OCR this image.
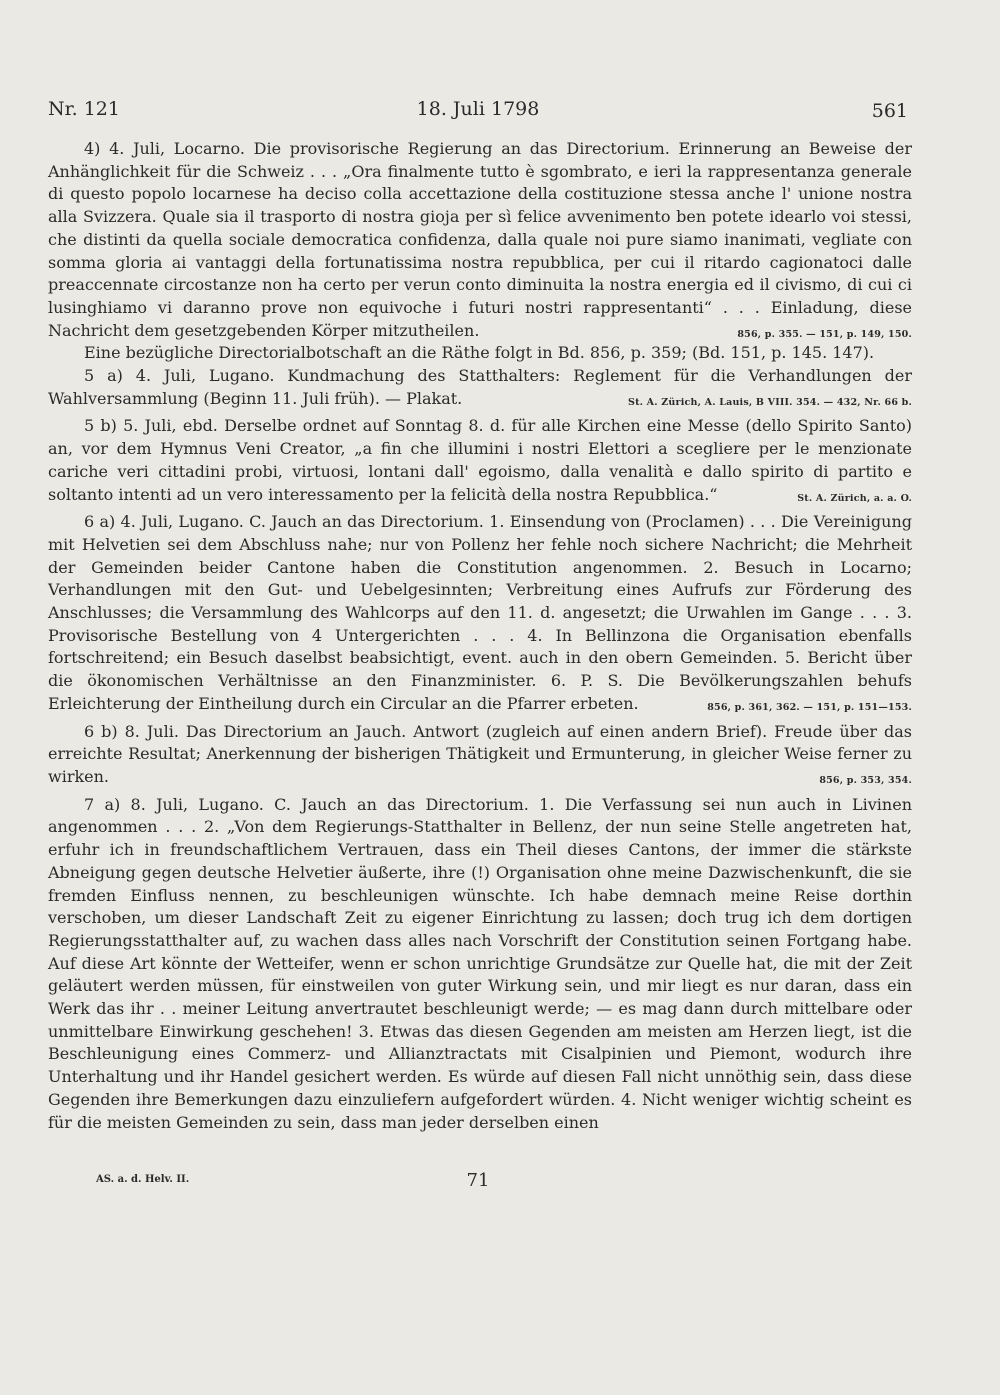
Nr. 121	18. Juli 1798	561

4) 4. Juli, Locarno. Die provisorische Regierung an das Directorium. Erinnerung an Beweise der Anhänglichkeit für die Schweiz . . . „Ora finalmente tutto è sgombrato, e ieri la rappresentanza generale di questo popolo locarnese ha deciso colla accettazione della costituzione stessa anche l' unione nostra alla Svizzera. Quale sia il trasporto di nostra gioja per sì felice avvenimento ben potete idearlo voi stessi, che distinti da quella sociale democratica confidenza, dalla quale noi pure siamo inanimati, vegliate con somma gloria ai vantaggi della fortunatissima nostra repubblica, per cui il ritardo cagionatoci dalle preaccennate circostanze non ha certo per verun conto diminuita la nostra energia ed il civismo, di cui ci lusinghiamo vi daranno prove non equivoche i futuri nostri rappresentanti“ . . . Einladung, diese Nachricht dem gesetzgebenden Körper mitzutheilen.	856, p. 355. — 151, p. 149, 150.

Eine bezügliche Directorialbotschaft an die Räthe folgt in Bd. 856, p. 359; (Bd. 151, p. 145. 147).

5 a) 4. Juli, Lugano. Kundmachung des Statthalters: Reglement für die Verhandlungen der Wahlversammlung (Beginn 11. Juli früh). — Plakat.	St. A. Zürich, A. Lauis, B VIII. 354. — 432, Nr. 66 b.

5 b) 5. Juli, ebd. Derselbe ordnet auf Sonntag 8. d. für alle Kirchen eine Messe (dello Spirito Santo) an, vor dem Hymnus Veni Creator, „a fin che illumini i nostri Elettori a scegliere per le menzionate cariche veri cittadini probi, virtuosi, lontani dall' egoismo, dalla venalità e dallo spirito di partito e soltanto intenti ad un vero interessamento per la felicità della nostra Repubblica.“	St. A. Zürich, a. a. O.

6 a) 4. Juli, Lugano. C. Jauch an das Directorium. 1. Einsendung von (Proclamen) . . . Die Vereinigung mit Helvetien sei dem Abschluss nahe; nur von Pollenz her fehle noch sichere Nachricht; die Mehrheit der Gemeinden beider Cantone haben die Constitution angenommen. 2. Besuch in Locarno; Verhandlungen mit den Gut- und Uebelgesinnten; Verbreitung eines Aufrufs zur Förderung des Anschlusses; die Versammlung des Wahlcorps auf den 11. d. angesetzt; die Urwahlen im Gange . . . 3. Provisorische Bestellung von 4 Untergerichten . . . 4. In Bellinzona die Organisation ebenfalls fortschreitend; ein Besuch daselbst beabsichtigt, event. auch in den obern Gemeinden. 5. Bericht über die ökonomischen Verhältnisse an den Finanzminister. 6. P. S. Die Bevölkerungszahlen behufs Erleichterung der Eintheilung durch ein Circular an die Pfarrer erbeten.	856, p. 361, 362. — 151, p. 151—153.

6 b) 8. Juli. Das Directorium an Jauch. Antwort (zugleich auf einen andern Brief). Freude über das erreichte Resultat; Anerkennung der bisherigen Thätigkeit und Ermunterung, in gleicher Weise ferner zu wirken.	856, p. 353, 354.

7 a) 8. Juli, Lugano. C. Jauch an das Directorium. 1. Die Verfassung sei nun auch in Livinen angenommen . . . 2. „Von dem Regierungs-Statthalter in Bellenz, der nun seine Stelle angetreten hat, erfuhr ich in freundschaftlichem Vertrauen, dass ein Theil dieses Cantons, der immer die stärkste Abneigung gegen deutsche Helvetier äußerte, ihre (!) Organisation ohne meine Dazwischenkunft, die sie fremden Einfluss nennen, zu beschleunigen wünschte. Ich habe demnach meine Reise dorthin verschoben, um dieser Landschaft Zeit zu eigener Einrichtung zu lassen; doch trug ich dem dortigen Regierungsstatthalter auf, zu wachen dass alles nach Vorschrift der Constitution seinen Fortgang habe. Auf diese Art könnte der Wetteifer, wenn er schon unrichtige Grundsätze zur Quelle hat, die mit der Zeit geläutert werden müssen, für einstweilen von guter Wirkung sein, und mir liegt es nur daran, dass ein Werk das ihr . . meiner Leitung anvertrautet beschleunigt werde; — es mag dann durch mittelbare oder unmittelbare Einwirkung geschehen! 3. Etwas das diesen Gegenden am meisten am Herzen liegt, ist die Beschleunigung eines Commerz- und Allianztractats mit Cisalpinien und Piemont, wodurch ihre Unterhaltung und ihr Handel gesichert werden. Es würde auf diesen Fall nicht unnöthig sein, dass diese Gegenden ihre Bemerkungen dazu einzuliefern aufgefordert würden. 4. Nicht weniger wichtig scheint es für die meisten Gemeinden zu sein, dass man jeder derselben einen

AS. a. d. Helv. II.	71
